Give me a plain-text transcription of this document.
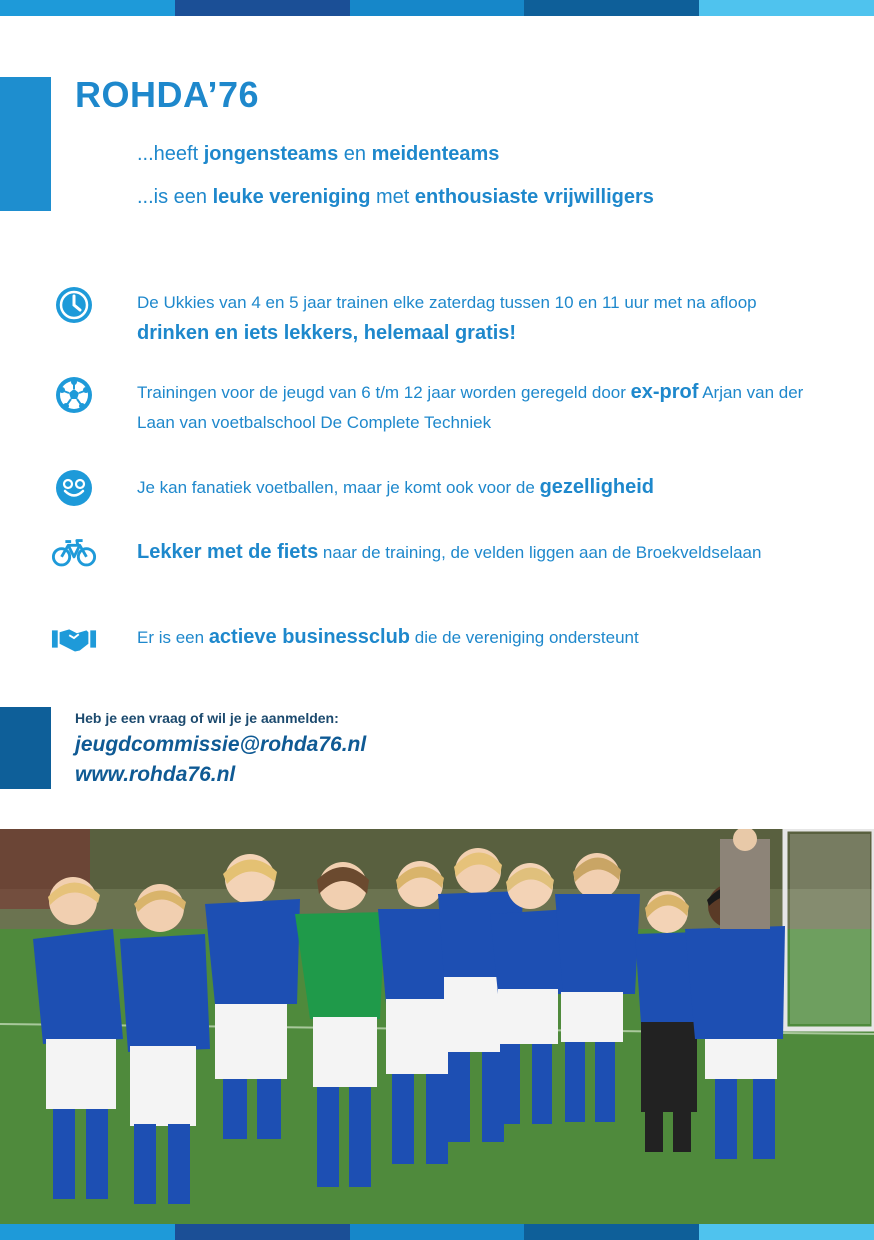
ROHDA’76

...heeft jongensteams en meidenteams

...is een leuke vereniging met enthousiaste vrijwilligers

De Ukkies van 4 en 5 jaar trainen elke zaterdag tussen 10 en 11 uur met na afloop drinken en iets lekkers, helemaal gratis!

Trainingen voor de jeugd van 6 t/m 12 jaar worden geregeld door ex-prof Arjan van der Laan van voetbalschool De Complete Techniek

Je kan fanatiek voetballen, maar je komt ook voor de gezelligheid

Lekker met de fiets naar de training, de velden liggen aan de Broekveldselaan

Er is een actieve businessclub die de vereniging ondersteunt

Heb je een vraag of wil je je aanmelden:

jeugdcommissie@rohda76.nl

www.rohda76.nl
